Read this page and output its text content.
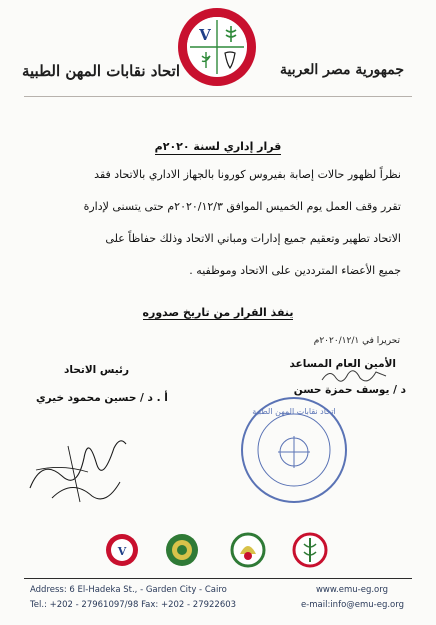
V
اتحاد نقابات المهن الطبية	جمهورية مصر العربية
قرار إداري لسنة ٢٠٢٠م
نظراً لظهور حالات إصابة بفيروس كورونا بالجهاز الاداري بالاتحاد فقد
تقرر وقف العمل يوم الخميس الموافق ٢٠٢٠/١٢/٣م حتى يتسنى لإدارة
الاتحاد تطهير وتعقيم جميع إدارات ومباني الاتحاد وذلك حفاظاً على
جميع الأعضاء المترددين على الاتحاد وموظفيه .
ينفذ القرار من تاريخ صدوره
تحريرا في ٢٠٢٠/١٢/١م
الأمين العام المساعد
د / يوسف حمزة حسن
رئيس الاتحاد
أ . د / حسين محمود خيري
اتحاد نقابات المهن الطبية
V
Address: 6 El-Hadeka St., - Garden City - Cairo
Tel.: +202 - 27961097/98 Fax: +202 - 27922603
www.emu-eg.org
e-mail:info@emu-eg.org
